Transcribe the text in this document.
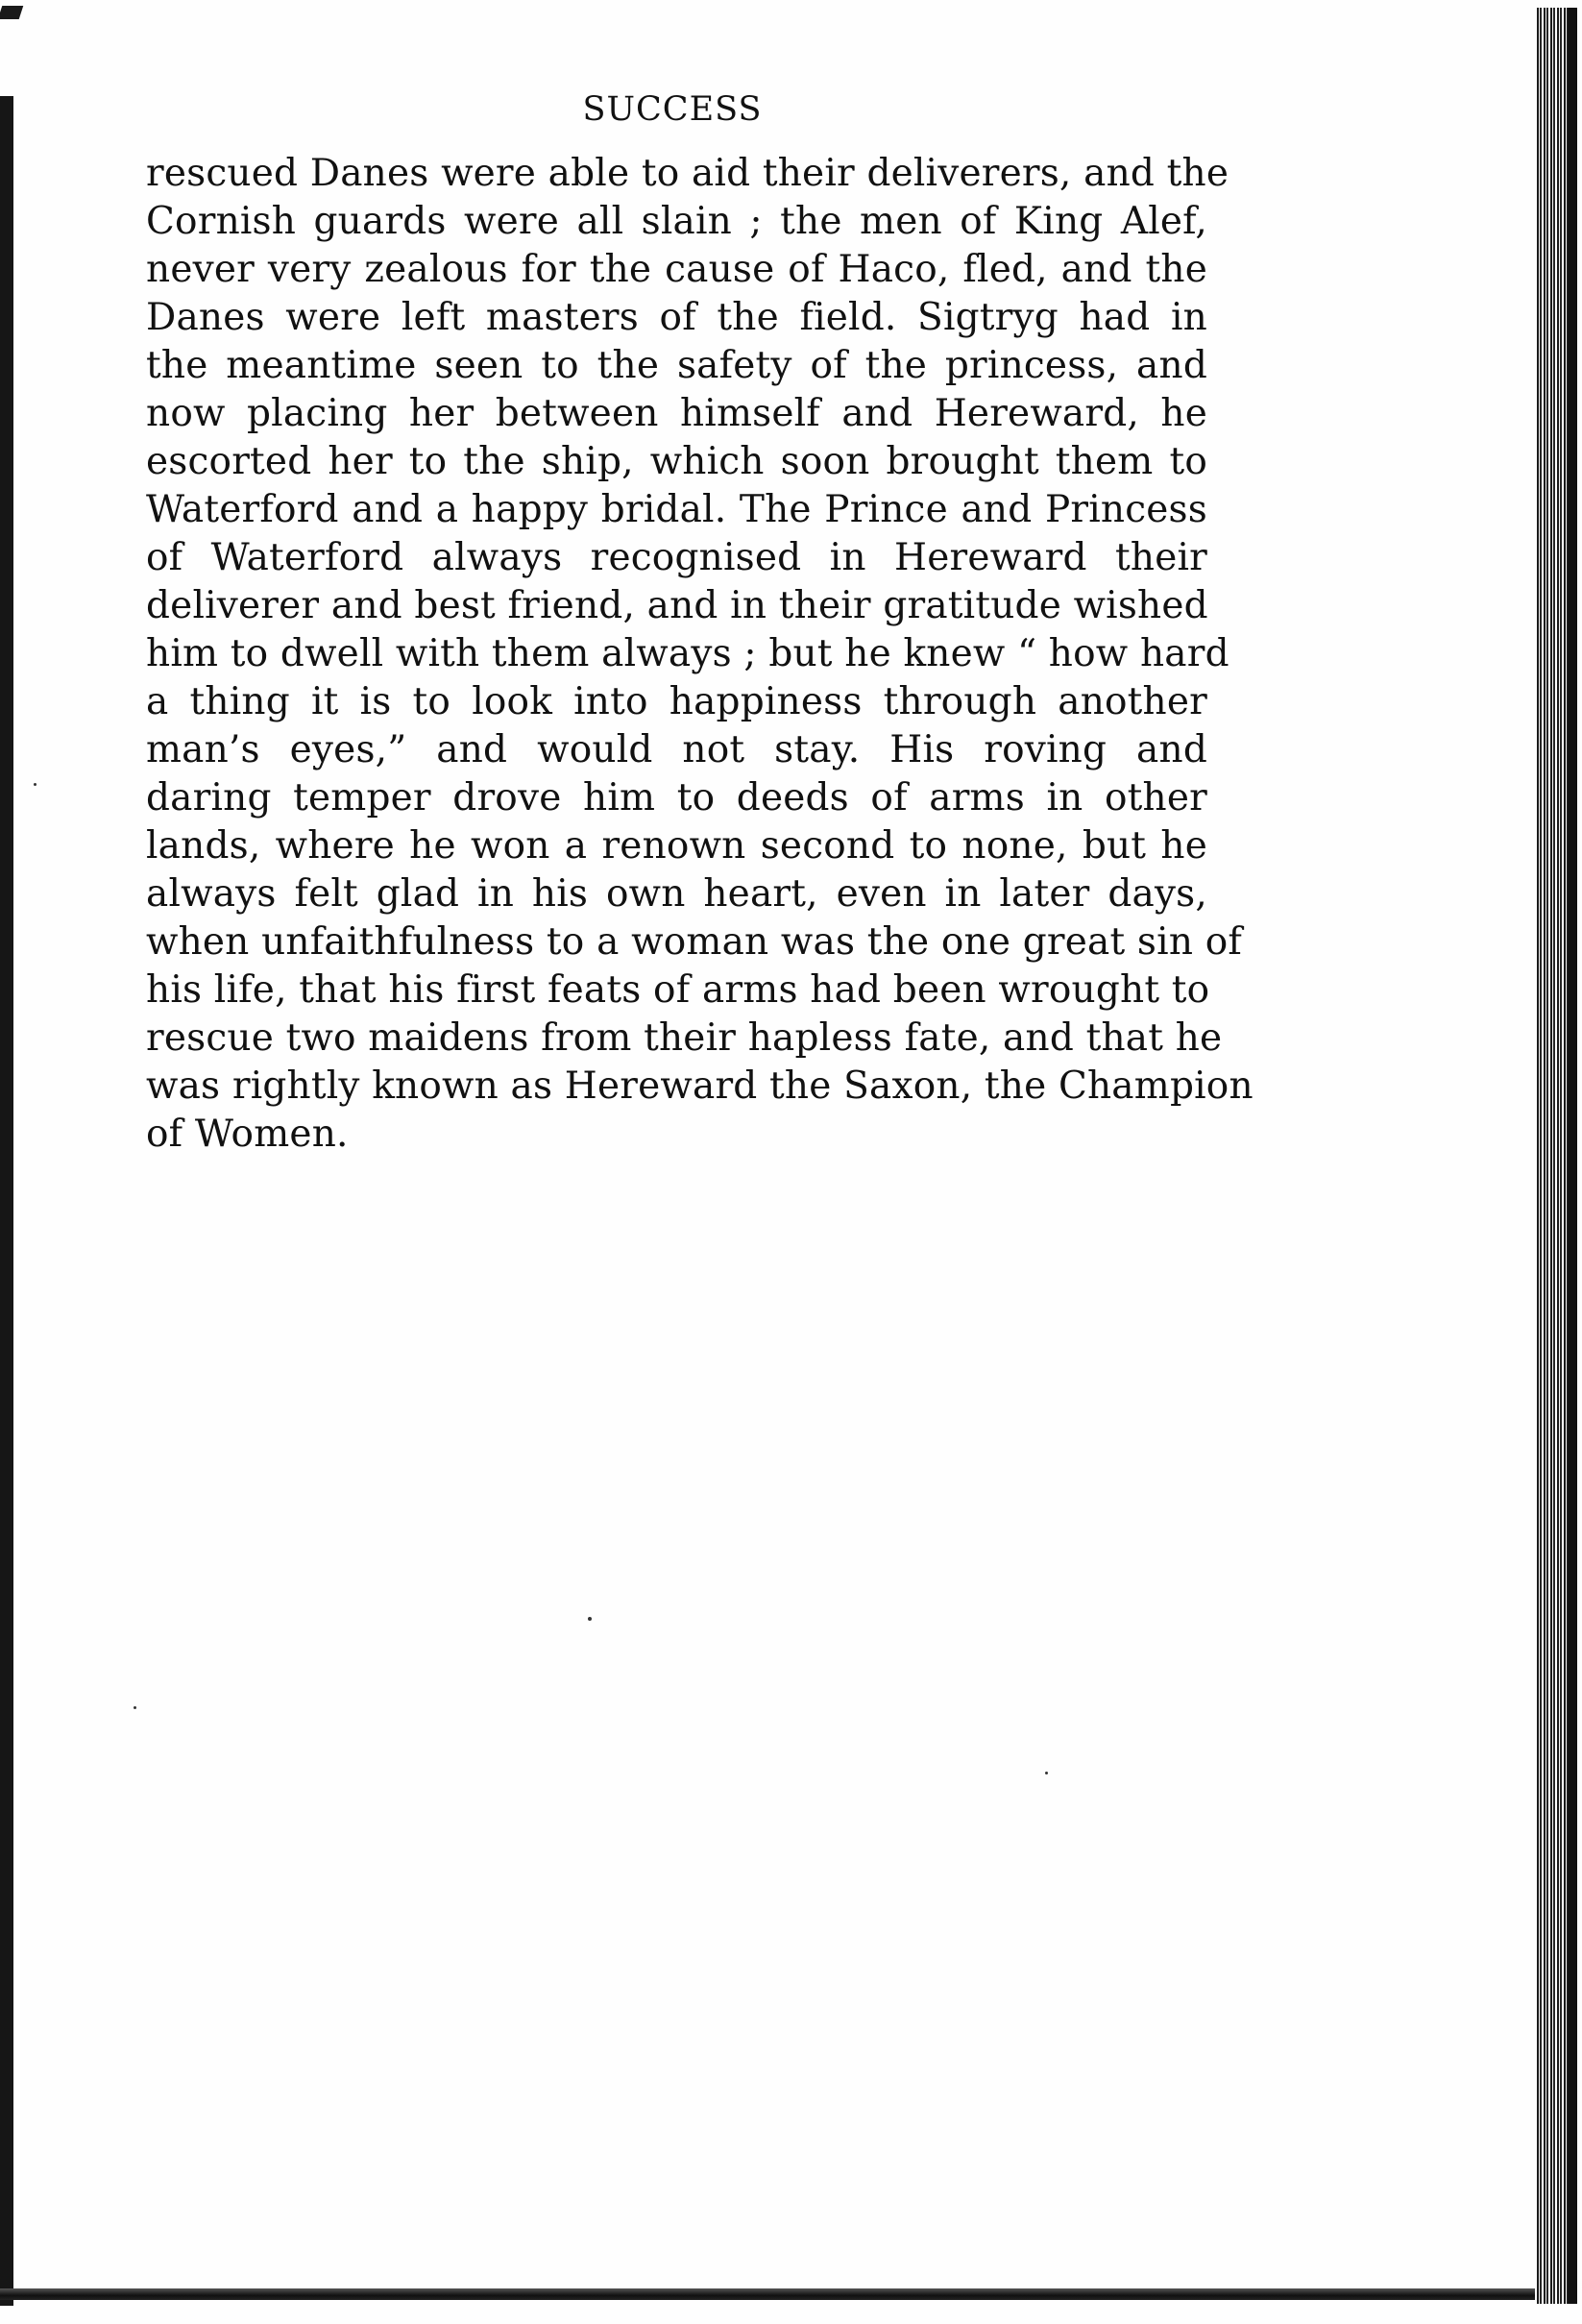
SUCCESS
rescued Danes were able to aid their deliverers, and the
Cornish guards were all slain ; the men of King Alef,
never very zealous for the cause of Haco, fled, and the
Danes were left masters of the field. Sigtryg had in
the meantime seen to the safety of the princess, and
now placing her between himself and Hereward, he
escorted her to the ship, which soon brought them to
Waterford and a happy bridal. The Prince and Princess
of Waterford always recognised in Hereward their
deliverer and best friend, and in their gratitude wished
him to dwell with them always ; but he knew “ how hard
a thing it is to look into happiness through another
man’s eyes,” and would not stay. His roving and
daring temper drove him to deeds of arms in other
lands, where he won a renown second to none, but he
always felt glad in his own heart, even in later days,
when unfaithfulness to a woman was the one great sin of
his life, that his first feats of arms had been wrought to
rescue two maidens from their hapless fate, and that he
was rightly known as Hereward the Saxon, the Champion
of Women.
